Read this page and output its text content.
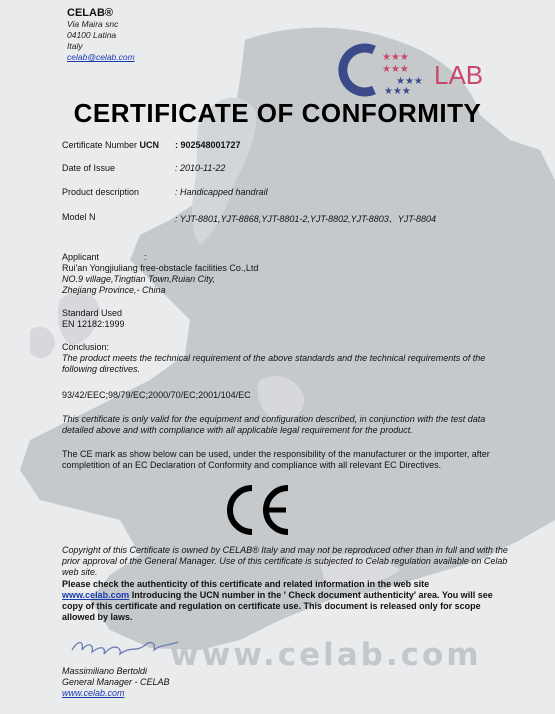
CELAB®
Via Maira snc
04100 Latina
Italy
celab@celab.com	★★★
★★★
★★★
★★★
LAB
CERTIFICATE OF CONFORMITY
Certificate Number UCN : 902548001727
Date of Issue	: 2010-11-22
Product description	: Handicapped handrail
Model N	: YJT-8801,YJT-8868,YJT-8801-2,YJT-8802,YJT-8803、YJT-8804
Applicant	:
Rui'an Yongjiuliang free-obstacle facilities Co.,Ltd
NO.9 village,Tingtian Town,Ruian City,
Zhejiang Province,- China
Standard Used
EN 12182:1999
Conclusion:
The product meets the technical requirement of the above standards and the technical requirements of the following directives.
93/42/EEC;98/79/EC;2000/70/EC;2001/104/EC
This certificate is only valid for the equipment and configuration described, in conjunction with the test data detailed above and with compliance with all applicable legal requirement for the product.
The CE mark as show below can be used, under the responsibility of the manufacturer or the importer, after completition of an EC Declaration of Conformity and compliance with all relevant EC Directives.
CE
Copyright of this Certificate is owned by CELAB® Italy and may not be reproduced other than in full and with the prior approval of the General Manager. Use of this certificate is subjected to Celab regulation available on Celab web site.
Please check the authenticity of this certificate and related information in the web site
www.celab.com Introducing the UCN number in the ' Check document authenticity' area. You will see copy of this certificate and regulation on certificate use. This document is released only for scope allowed by laws.
www.celab.com
Massimiliano Bertoldi
General Manager - CELAB
www.celab.com
